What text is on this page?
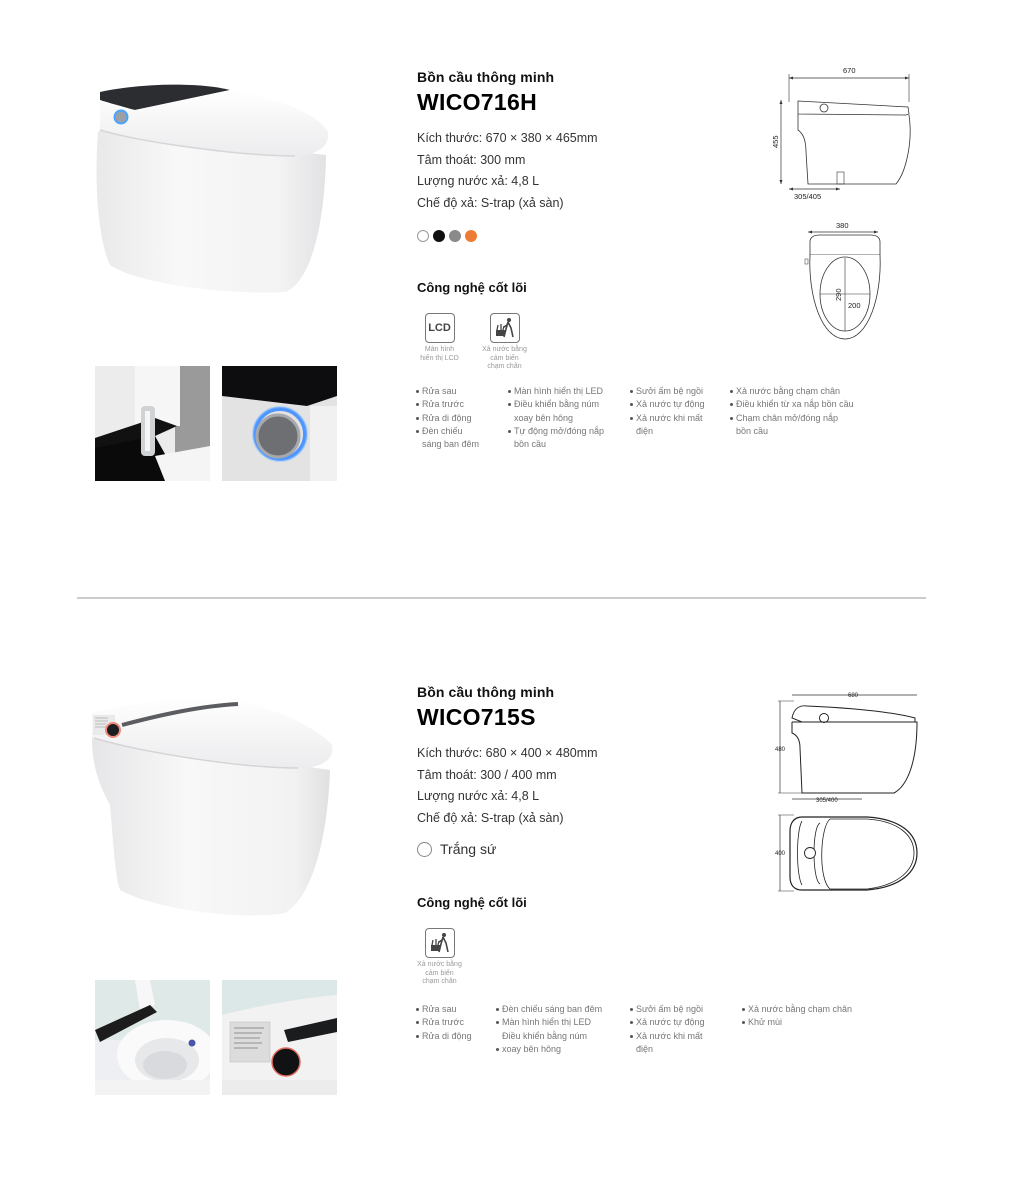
Bồn cầu thông minh
WICO716H
Kích thước: 670 × 380 × 465mm
Tâm thoát: 300 mm
Lượng nước xả: 4,8 L
Chế độ xả: S-trap (xả sàn)
Công nghệ cốt lõi
LCD
Màn hình
hiển thị LCD
Xả nước bằng
cảm biến
chạm chân
Rửa sau
Rửa trước
Rửa di động
Đèn chiếu
sáng ban đêm
Màn hình hiển thị LED
Điều khiển bằng núm
xoay bên hông
Tự động mở/đóng nắp
bồn cầu
Sưởi ấm bệ ngồi
Xả nước tự động
Xả nước khi mất
điện
Xả nước bằng chạm chân
Điều khiển từ xa nắp bồn cầu
Chạm chân mở/đóng nắp
bồn cầu
670
455
305/405
380
290
200
Bồn cầu thông minh
WICO715S
Kích thước: 680 × 400 × 480mm
Tâm thoát: 300 / 400 mm
Lượng nước xả: 4,8 L
Chế độ xả: S-trap (xả sàn)
Trắng sứ
Công nghệ cốt lõi
Xả nước bằng
cảm biến
chạm chân
Rửa sau
Rửa trước
Rửa di động
Đèn chiếu sáng ban đêm
Màn hình hiển thị LED
Điều khiển bằng núm
xoay bên hông
Sưởi ấm bệ ngồi
Xả nước tự động
Xả nước khi mất
điện
Xả nước bằng chạm chân
Khử mùi
680
480
305/400
400
